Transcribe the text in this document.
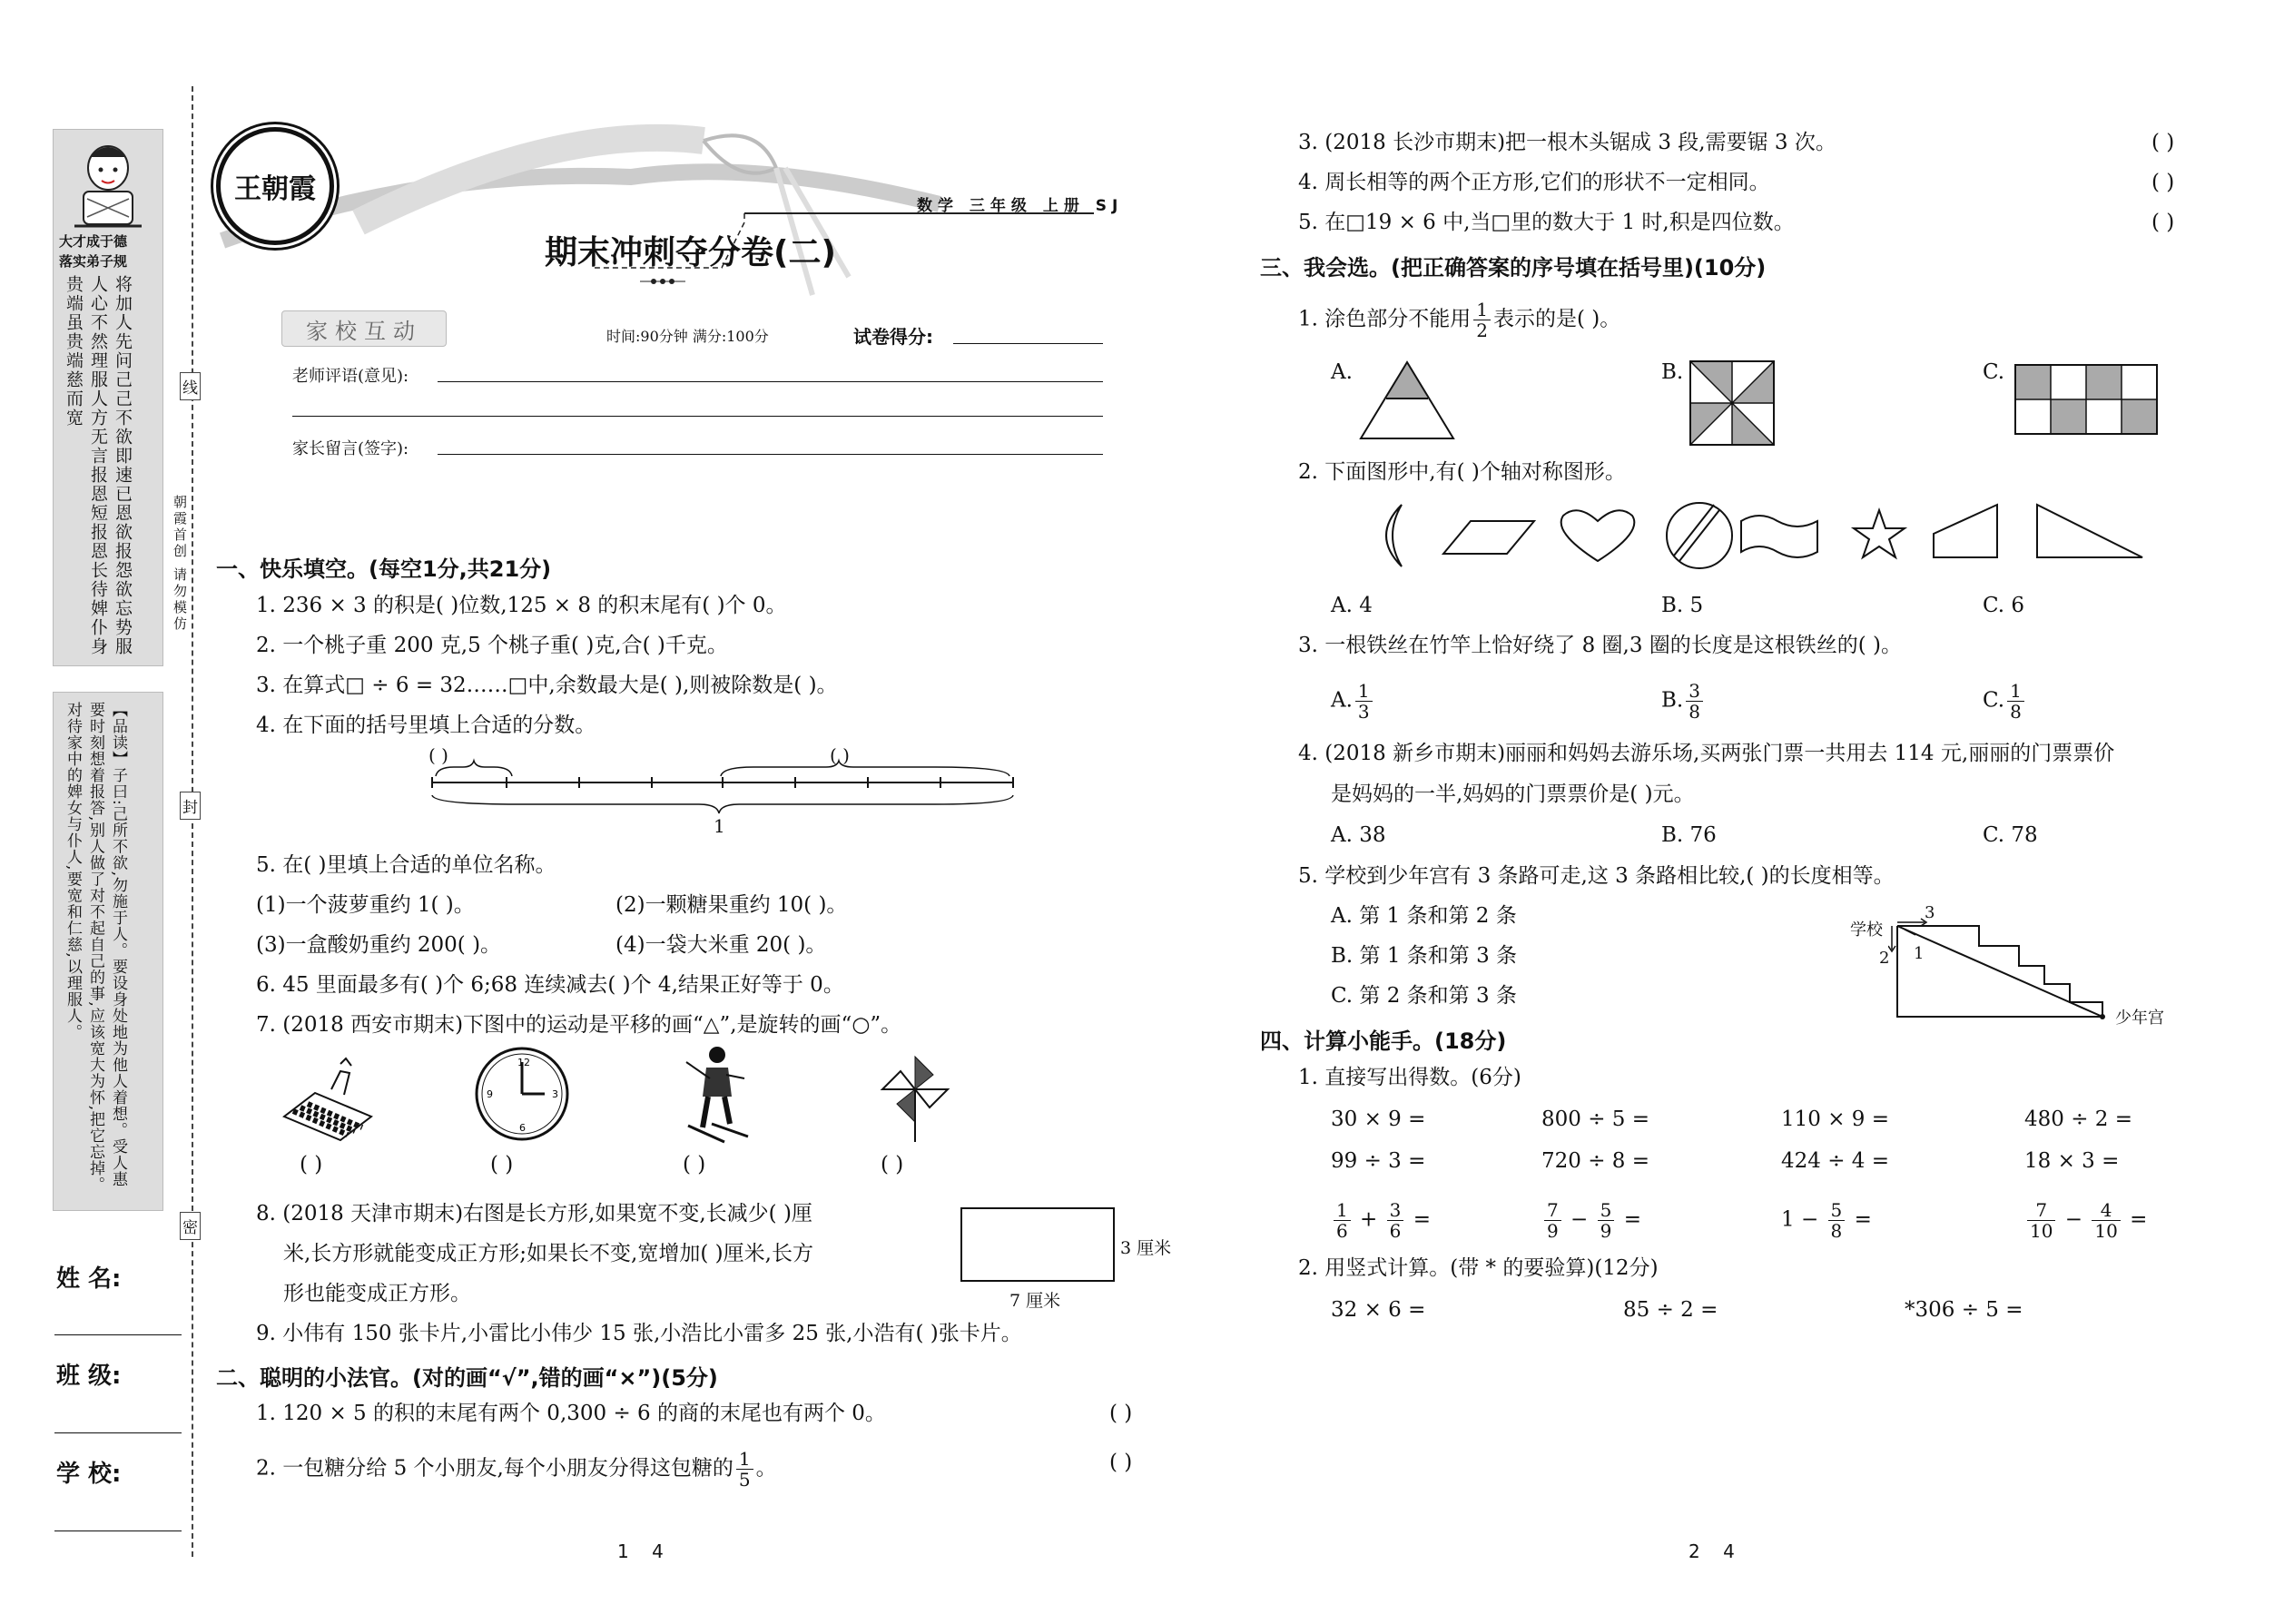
大才成于德
落实弟子规
将加人先问己己不欲即速已恩欲报怨欲忘势服人心不然理服人方无言报恩短报恩长待婢仆身贵端虽贵端慈而宽
【品读】子曰:己所不欲,勿施于人。要设身处地为他人着想。受人惠要时刻想着报答,别人做了对不起自己的事,应该宽大为怀,把它忘掉。对待家中的婢女与仆人,要宽和仁慈,以理服人。
姓 名:
班 级:
学 校:
线
封
密
朝霞首创 请勿模仿
王朝霞
数学 三年级 上册 SJ
期末冲刺夺分卷(二)
家校互动	时间:90分钟 满分:100分	试卷得分:
老师评语(意见):
家长留言(签字):
一、快乐填空。(每空1分,共21分)
1. 236 × 3 的积是( )位数,125 × 8 的积末尾有( )个 0。
2. 一个桃子重 200 克,5 个桃子重( )克,合( )千克。
3. 在算式□ ÷ 6 = 32……□中,余数最大是( ),则被除数是( )。
4. 在下面的括号里填上合适的分数。
( )	( )
1
5. 在( )里填上合适的单位名称。
(1)一个菠萝重约 1( )。	(2)一颗糖果重约 10( )。
(3)一盒酸奶重约 200( )。	(4)一袋大米重 20( )。
6. 45 里面最多有( )个 6;68 连续减去( )个 4,结果正好等于 0。
7. (2018 西安市期末)下图中的运动是平移的画“△”,是旋转的画“○”。
12
3
6
9
( )	( )	( )	( )
8. (2018 天津市期末)右图是长方形,如果宽不变,长减少( )厘
米,长方形就能变成正方形;如果长不变,宽增加( )厘米,长方
形也能变成正方形。
3 厘米
7 厘米
9. 小伟有 150 张卡片,小雷比小伟少 15 张,小浩比小雷多 25 张,小浩有( )张卡片。
二、聪明的小法官。(对的画“√”,错的画“×”)(5分)
1. 120 × 5 的积的末尾有两个 0,300 ÷ 6 的商的末尾也有两个 0。	( )
2. 一包糖分给 5 个小朋友,每个小朋友分得这包糖的 $\frac{1}{5}$ 。	( )
1    4
3. (2018 长沙市期末)把一根木头锯成 3 段,需要锯 3 次。	( )
4. 周长相等的两个正方形,它们的形状不一定相同。	( )
5. 在□19 × 6 中,当□里的数大于 1 时,积是四位数。	( )
三、我会选。(把正确答案的序号填在括号里)(10分)
1. 涂色部分不能用 $\frac{1}{2}$ 表示的是( )。
A.	B.	C.
2. 下面图形中,有( )个轴对称图形。
A. 4	B. 5	C. 6
3. 一根铁丝在竹竿上恰好绕了 8 圈,3 圈的长度是这根铁丝的( )。
A. $\frac{1}{3}$	B. $\frac{3}{8}$	C. $\frac{1}{8}$
4. (2018 新乡市期末)丽丽和妈妈去游乐场,买两张门票一共用去 114 元,丽丽的门票票价
是妈妈的一半,妈妈的门票票价是( )元。
A. 38	B. 76	C. 78
5. 学校到少年宫有 3 条路可走,这 3 条路相比较,( )的长度相等。
A. 第 1 条和第 2 条
B. 第 1 条和第 3 条
C. 第 2 条和第 3 条
学校
3
1
2
少年宫
四、计算小能手。(18分)
1. 直接写出得数。(6分)
30 × 9 =	800 ÷ 5 =	110 × 9 =	480 ÷ 2 =
99 ÷ 3 =	720 ÷ 8 =	424 ÷ 4 =	18 × 3 =
$\frac{1}{6} + \frac{3}{6}$ =	$\frac{7}{9} - \frac{5}{9}$ =	$1 - \frac{5}{8}$ =	$\frac{7}{10} - \frac{4}{10}$ =
2. 用竖式计算。(带 * 的要验算)(12分)
32 × 6 =	85 ÷ 2 =	*306 ÷ 5 =
2    4
